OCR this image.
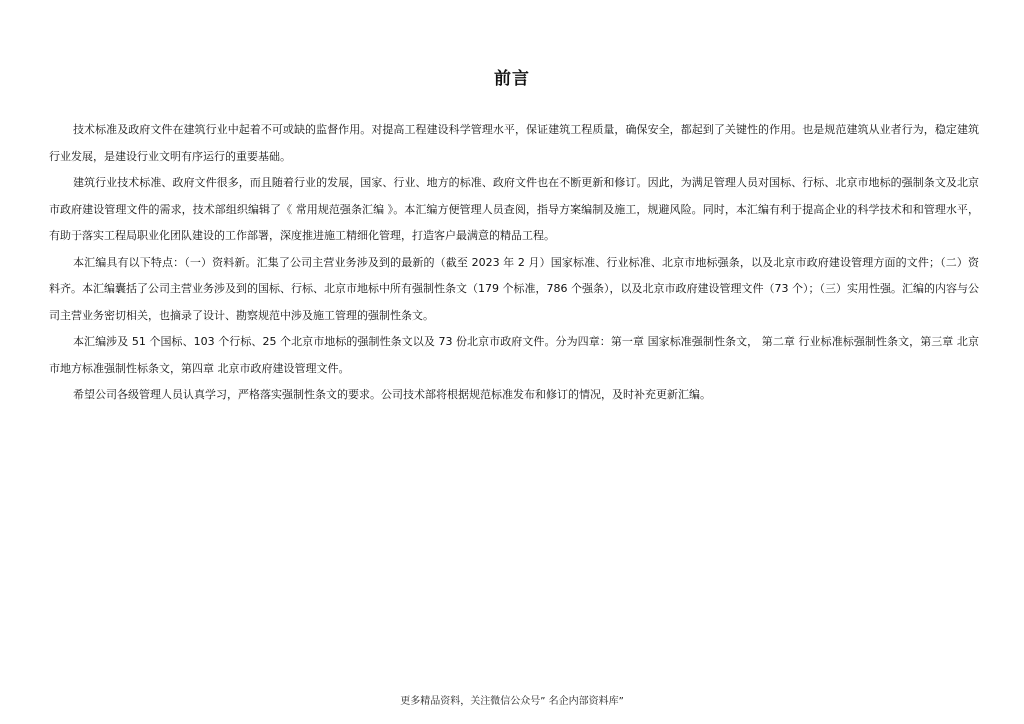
前言

技术标准及政府文件在建筑行业中起着不可或缺的监督作用。对提高工程建设科学管理水平，保证建筑工程质量，确保安全，都起到了关键性的作用。也是规范建筑从业者行为，稳定建筑行业发展，是建设行业文明有序运行的重要基础。

建筑行业技术标准、政府文件很多，而且随着行业的发展，国家、行业、地方的标准、政府文件也在不断更新和修订。因此，为满足管理人员对国标、行标、北京市地标的强制条文及北京市政府建设管理文件的需求，技术部组织编辑了《 常用规范强条汇编 》。本汇编方便管理人员查阅，指导方案编制及施工，规避风险。同时，本汇编有利于提高企业的科学技术和和管理水平，有助于落实工程局职业化团队建设的工作部署，深度推进施工精细化管理，打造客户最满意的精品工程。

本汇编具有以下特点：（一）资料新。汇集了公司主营业务涉及到的最新的（截至 2023 年 2 月）国家标准、行业标准、北京市地标强条，以及北京市政府建设管理方面的文件；（二）资料齐。本汇编囊括了公司主营业务涉及到的国标、行标、北京市地标中所有强制性条文（179 个标准，786 个强条），以及北京市政府建设管理文件（73 个）；（三）实用性强。汇编的内容与公司主营业务密切相关，也摘录了设计、勘察规范中涉及施工管理的强制性条文。

本汇编涉及 51 个国标、103 个行标、25 个北京市地标的强制性条文以及 73 份北京市政府文件。分为四章：第一章 国家标准强制性条文， 第二章 行业标准标强制性条文，第三章 北京市地方标准强制性标条文，第四章 北京市政府建设管理文件。

希望公司各级管理人员认真学习，严格落实强制性条文的要求。公司技术部将根据规范标准发布和修订的情况，及时补充更新汇编。

更多精品资料，关注微信公众号” 名企内部资料库”
